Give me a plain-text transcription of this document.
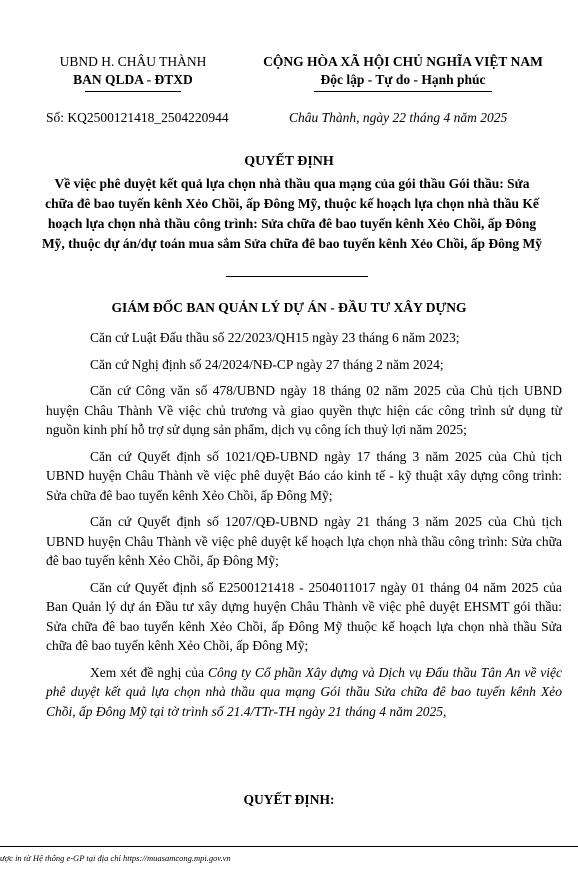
UBND H. CHÂU THÀNH
BAN QLDA - ĐTXD
CỘNG HÒA XÃ HỘI CHỦ NGHĨA VIỆT NAM
Độc lập - Tự do - Hạnh phúc
Số: KQ2500121418_2504220944	Châu Thành, ngày 22 tháng 4 năm 2025
QUYẾT ĐỊNH
Về việc phê duyệt kết quả lựa chọn nhà thầu qua mạng của gói thầu Gói thầu: Sửa chữa đê bao tuyến kênh Xẻo Chồi, ấp Đông Mỹ, thuộc kế hoạch lựa chọn nhà thầu Kế hoạch lựa chọn nhà thầu công trình: Sửa chữa đê bao tuyến kênh Xẻo Chồi, ấp Đông Mỹ, thuộc dự án/dự toán mua sắm Sửa chữa đê bao tuyến kênh Xẻo Chồi, ấp Đông Mỹ
GIÁM ĐỐC BAN QUẢN LÝ DỰ ÁN - ĐẦU TƯ XÂY DỰNG

Căn cứ Luật Đấu thầu số 22/2023/QH15 ngày 23 tháng 6 năm 2023;

Căn cứ Nghị định số 24/2024/NĐ-CP ngày 27 tháng 2 năm 2024;

Căn cứ Công văn số 478/UBND ngày 18 tháng 02 năm 2025 của Chủ tịch UBND huyện Châu Thành Về việc chủ trương và giao quyền thực hiện các công trình sử dụng từ nguồn kinh phí hỗ trợ sử dụng sản phẩm, dịch vụ công ích thuỷ lợi năm 2025;

Căn cứ Quyết định số 1021/QĐ-UBND ngày 17 tháng 3 năm 2025 của Chủ tịch UBND huyện Châu Thành về việc phê duyệt Báo cáo kinh tế - kỹ thuật xây dựng công trình: Sửa chữa đê bao tuyến kênh Xẻo Chồi, ấp Đông Mỹ;

Căn cứ Quyết định số 1207/QĐ-UBND ngày 21 tháng 3 năm 2025 của Chủ tịch UBND huyện Châu Thành về việc phê duyệt kế hoạch lựa chọn nhà thầu công trình: Sửa chữa đê bao tuyến kênh Xẻo Chồi, ấp Đông Mỹ;

Căn cứ Quyết định số E2500121418 - 2504011017 ngày 01 tháng 04 năm 2025 của Ban Quản lý dự án Đầu tư xây dựng huyện Châu Thành về việc phê duyệt EHSMT gói thầu: Sửa chữa đê bao tuyến kênh Xẻo Chồi, ấp Đông Mỹ thuộc kế hoạch lựa chọn nhà thầu Sửa chữa đê bao tuyến kênh Xẻo Chồi, ấp Đông Mỹ;

Xem xét đề nghị của Công ty Cổ phần Xây dựng và Dịch vụ Đấu thầu Tân An về việc phê duyệt kết quả lựa chọn nhà thầu qua mạng Gói thầu Sửa chữa đê bao tuyến kênh Xẻo Chồi, ấp Đông Mỹ tại tờ trình số 21.4/TTr-TH ngày 21 tháng 4 năm 2025,

QUYẾT ĐỊNH:
ược in từ Hệ thống e-GP tại địa chỉ https://muasamcong.mpi.gov.vn
